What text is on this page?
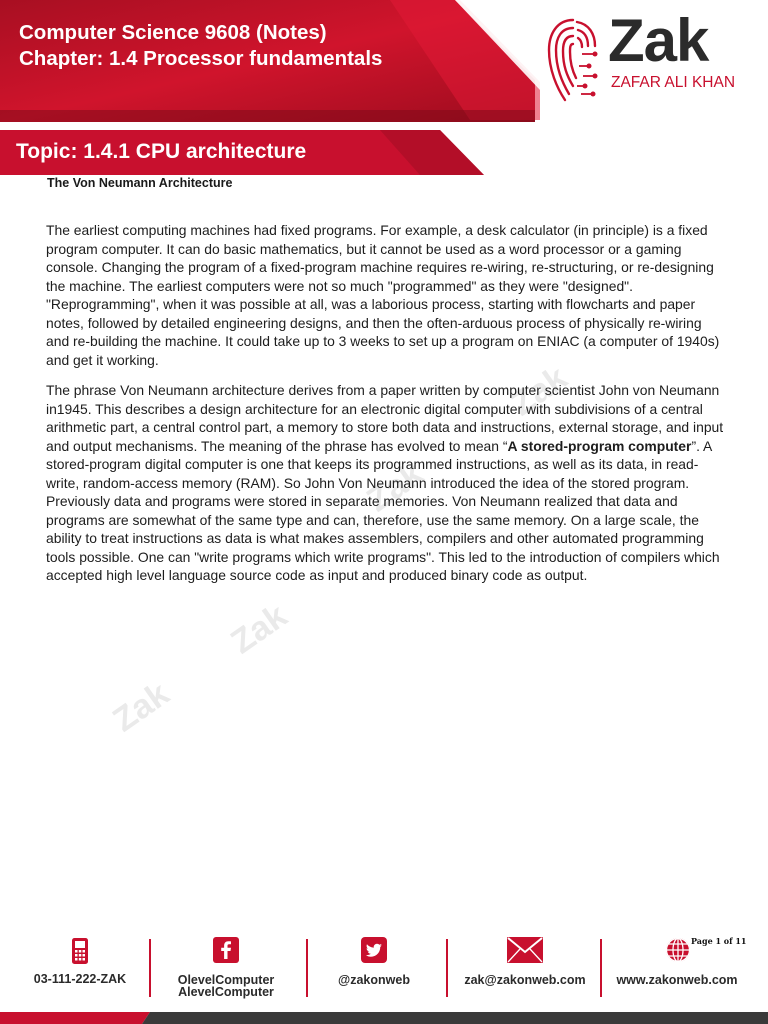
Computer Science 9608 (Notes)
Chapter: 1.4 Processor fundamentals	Zak
ZAFAR ALI KHAN
Topic: 1.4.1 CPU architecture
Zak
Zak
Zak
Zak
The Von Neumann Architecture

The earliest computing machines had fixed programs. For example, a desk calculator (in principle) is a fixed program computer. It can do basic mathematics, but it cannot be used as a word processor or a gaming console. Changing the program of a fixed-program machine requires re-wiring, re-structuring, or re-designing the machine. The earliest computers were not so much "programmed" as they were "designed". "Reprogramming", when it was possible at all, was a laborious process, starting with flowcharts and paper notes, followed by detailed engineering designs, and then the often-arduous process of physically re-wiring and re-building the machine. It could take up to 3 weeks to set up a program on ENIAC (a computer of 1940s) and get it working.

The phrase Von Neumann architecture derives from a paper written by computer scientist John von Neumann in1945. This describes a design architecture for an electronic digital computer with subdivisions of a central arithmetic part, a central control part, a memory to store both data and instructions, external storage, and input and output mechanisms. The meaning of the phrase has evolved to mean “A stored-program computer”. A stored-program digital computer is one that keeps its programmed instructions, as well as its data, in read-write, random-access memory (RAM). So John Von Neumann introduced the idea of the stored program. Previously data and programs were stored in separate memories. Von Neumann realized that data and programs are somewhat of the same type and can, therefore, use the same memory. On a large scale, the ability to treat instructions as data is what makes assemblers, compilers and other automated programming tools possible. One can "write programs which write programs". This led to the introduction of compilers which accepted high level language source code as input and produced binary code as output.

03-111-222-ZAK	OlevelComputer
AlevelComputer
@zakonweb	zak@zakonweb.com	www.zakonweb.com
Page 1 of 11
